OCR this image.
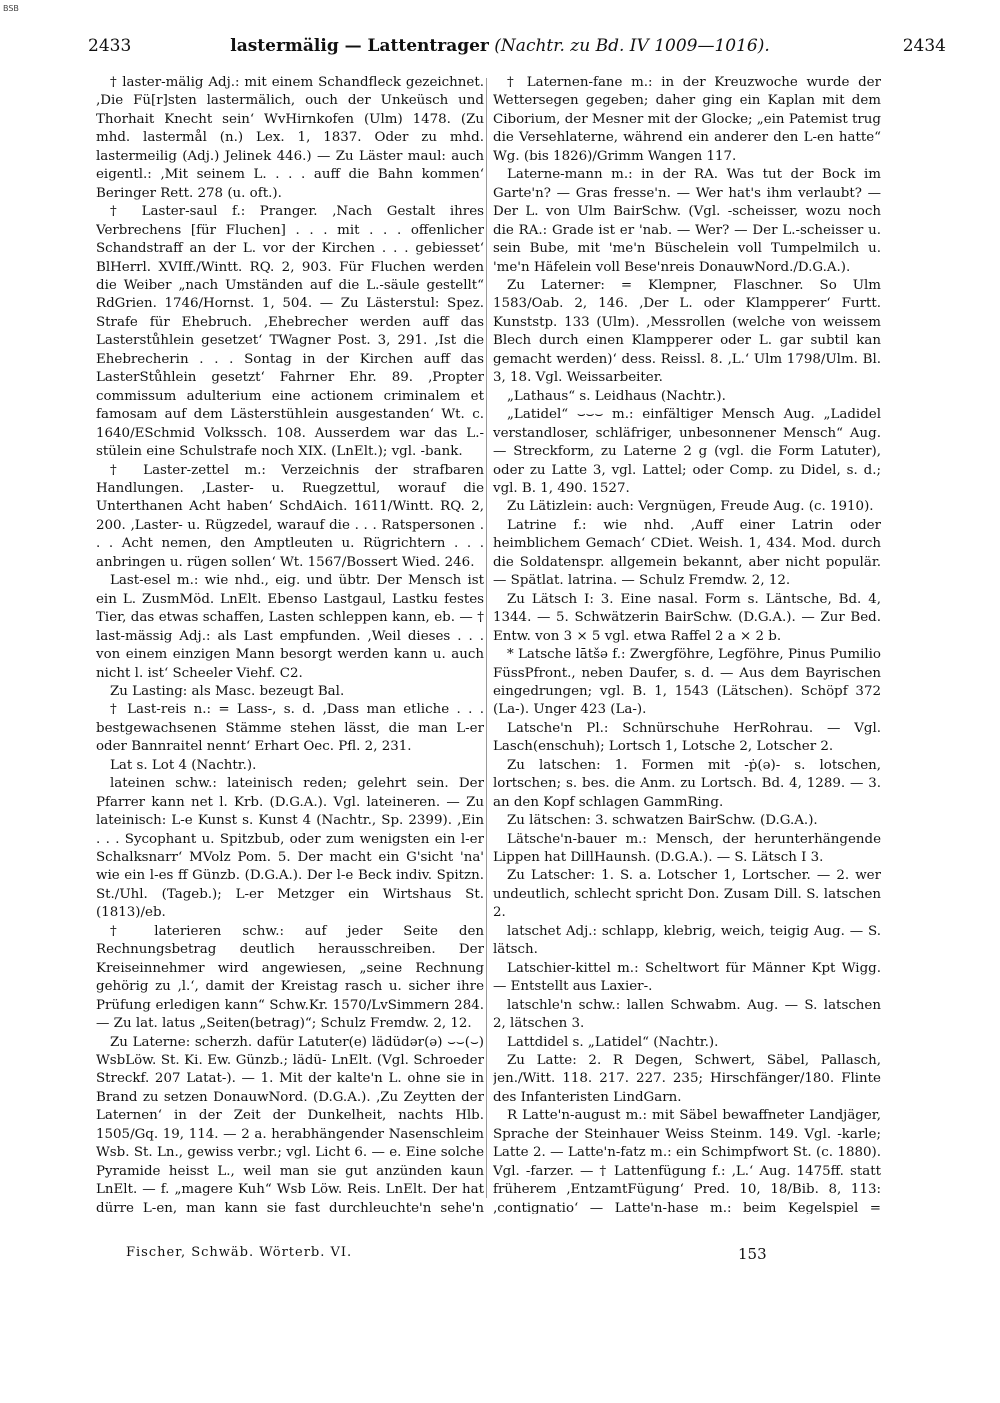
BSB
2433	lastermälig — Lattentrager (Nachtr. zu Bd. IV 1009—1016).	2434

† laster-mälig Adj.: mit einem Schandfleck gezeichnet. ‚Die Fü[r]sten lastermälich, ouch der Unkeüsch und Thorhait Knecht sein‘ WvHirnkofen (Ulm) 1478. (Zu mhd. lastermål (n.) Lex. 1, 1837. Oder zu mhd. lastermeilig (Adj.) Jelinek 446.) — Zu Läster maul: auch eigentl.: ‚Mit seinem L. . . . auff die Bahn kommen‘ Beringer Rett. 278 (u. oft.).

† Laster-saul f.: Pranger. ‚Nach Gestalt ihres Verbrechens [für Fluchen] . . . mit . . . offenlicher Schandstraff an der L. vor der Kirchen . . . gebiesset‘ BlHerrl. XVIff./Wintt. RQ. 2, 903. Für Fluchen werden die Weiber „nach Umständen auf die L.-säule gestellt“ RdGrien. 1746/Hornst. 1, 504. — Zu Lästerstul: Spez. Strafe für Ehebruch. ‚Ehebrecher werden auff das Lasterstůhlein gesetzet‘ TWagner Post. 3, 291. ‚Ist die Ehebrecherin . . . Sontag in der Kirchen auff das LasterStůhlein gesetzt‘ Fahrner Ehr. 89. ‚Propter commissum adulterium eine actionem criminalem et famosam auf dem Lästerstühlein ausgestanden‘ Wt. c. 1640/ESchmid Volkssch. 108. Ausserdem war das L.-stülein eine Schulstrafe noch XIX. (LnElt.); vgl. -bank.

† Laster-zettel m.: Verzeichnis der strafbaren Handlungen. ‚Laster- u. Ruegzettul, worauf die Unterthanen Acht haben‘ SchdAich. 1611/Wintt. RQ. 2, 200. ‚Laster- u. Rügzedel, warauf die . . . Ratspersonen . . . Acht nemen, den Amptleuten u. Rügrichtern . . . anbringen u. rügen sollen‘ Wt. 1567/Bossert Wied. 246.

Last-esel m.: wie nhd., eig. und übtr. Der Mensch ist ein L. ZusmMöd. LnElt. Ebenso Lastgaul, Lastku festes Tier, das etwas schaffen, Lasten schleppen kann, eb. — † last-mässig Adj.: als Last empfunden. ‚Weil dieses . . . von einem einzigen Mann besorgt werden kann u. auch nicht l. ist‘ Scheeler Viehf. C2.

Zu Lasting: als Masc. bezeugt Bal.

† Last-reis n.: = Lass-, s. d. ‚Dass man etliche . . . bestgewachsenen Stämme stehen lässt, die man L-er oder Bannraitel nennt‘ Erhart Oec. Pfl. 2, 231.

Lat s. Lot 4 (Nachtr.).

lateinen schw.: lateinisch reden; gelehrt sein. Der Pfarrer kann net l. Krb. (D.G.A.). Vgl. lateineren. — Zu lateinisch: L-e Kunst s. Kunst 4 (Nachtr., Sp. 2399). ‚Ein . . . Sycophant u. Spitzbub, oder zum wenigsten ein l-er Schalksnarr‘ MVolz Pom. 5. Der macht ein G'sicht 'na' wie ein l-es ff Günzb. (D.G.A.). Der l-e Beck indiv. Spitzn. St./Uhl. (Tageb.); L-er Metzger ein Wirtshaus St. (1813)/eb.

† laterieren schw.: auf jeder Seite den Rechnungsbetrag deutlich herausschreiben. Der Kreiseinnehmer wird angewiesen, „seine Rechnung gehörig zu ‚l.‘, damit der Kreistag rasch u. sicher ihre Prüfung erledigen kann“ Schw.Kr. 1570/LvSimmern 284. — Zu lat. latus „Seiten(betrag)“; Schulz Fremdw. 2, 12.

Zu Laterne: scherzh. dafür Latuter(e) lädüdər(ə) ⌣⌣(⌣) WsbLöw. St. Ki. Ew. Günzb.; lädü- LnElt. (Vgl. Schroeder Streckf. 207 Latat-). — 1. Mit der kalte'n L. ohne sie in Brand zu setzen DonauwNord. (D.G.A.). ‚Zu Zeytten der Laternen‘ in der Zeit der Dunkelheit, nachts Hlb. 1505/Gq. 19, 114. — 2 a. herabhängender Nasenschleim Wsb. St. Ln., gewiss verbr.; vgl. Licht 6. — e. Eine solche Pyramide heisst L., weil man sie gut anzünden kaun LnElt. — f. „magere Kuh“ Wsb Löw. Reis. LnElt. Der hat dürre L-en, man kann sie fast durchleuchte'n sehe'n

† Laternen-fane m.: in der Kreuzwoche wurde der Wettersegen gegeben; daher ging ein Kaplan mit dem Ciborium, der Mesner mit der Glocke; „ein Patemist trug die Versehlaterne, während ein anderer den L-en hatte“ Wg. (bis 1826)/Grimm Wangen 117.

Laterne-mann m.: in der RA. Was tut der Bock im Garte'n? — Gras fresse'n. — Wer hat's ihm verlaubt? — Der L. von Ulm BairSchw. (Vgl. -scheisser, wozu noch die RA.: Grade ist er 'nab. — Wer? — Der L.-scheisser u. sein Bube, mit 'me'n Büschelein voll Tumpelmilch u. 'me'n Häfelein voll Bese'nreis DonauwNord./D.G.A.).

Zu Laterner: = Klempner, Flaschner. So Ulm 1583/Oab. 2, 146. ‚Der L. oder Klampperer‘ Furtt. Kunststp. 133 (Ulm). ‚Messrollen (welche von weissem Blech durch einen Klampperer oder L. gar subtil kan gemacht werden)‘ dess. Reissl. 8. ‚L.‘ Ulm 1798/Ulm. Bl. 3, 18. Vgl. Weissarbeiter.

„Lathaus“ s. Leidhaus (Nachtr.).

„Latidel“ ⌣⌣⌣ m.: einfältiger Mensch Aug. „Ladidel verstandloser, schläfriger, unbesonnener Mensch“ Aug. — Streckform, zu Laterne 2 g (vgl. die Form Latuter), oder zu Latte 3, vgl. Lattel; oder Comp. zu Didel, s. d.; vgl. B. 1, 490. 1527.

Zu Lätizlein: auch: Vergnügen, Freude Aug. (c. 1910).

Latrine f.: wie nhd. ‚Auff einer Latrin oder heimblichem Gemach‘ CDiet. Weish. 1, 434. Mod. durch die Soldatenspr. allgemein bekannt, aber nicht populär. — Spätlat. latrina. — Schulz Fremdw. 2, 12.

Zu Lätsch I: 3. Eine nasal. Form s. Läntsche, Bd. 4, 1344. — 5. Schwätzerin BairSchw. (D.G.A.). — Zur Bed. Entw. von 3 × 5 vgl. etwa Raffel 2 a × 2 b.

* Latsche lātšə f.: Zwergföhre, Legföhre, Pinus Pumilio FüssPfront., neben Daufer, s. d. — Aus dem Bayrischen eingedrungen; vgl. B. 1, 1543 (Lätschen). Schöpf 372 (La-). Unger 423 (La-).

Latsche'n Pl.: Schnürschuhe HerRohrau. — Vgl. Lasch(enschuh); Lortsch 1, Lotsche 2, Lotscher 2.

Zu latschen: 1. Formen mit -ṗ(ə)- s. lotschen, lortschen; s. bes. die Anm. zu Lortsch. Bd. 4, 1289. — 3. an den Kopf schlagen GammRing.

Zu lätschen: 3. schwatzen BairSchw. (D.G.A.).

Lätsche'n-bauer m.: Mensch, der herunterhängende Lippen hat DillHaunsh. (D.G.A.). — S. Lätsch I 3.

Zu Latscher: 1. S. a. Lotscher 1, Lortscher. — 2. wer undeutlich, schlecht spricht Don. Zusam Dill. S. latschen 2.

latschet Adj.: schlapp, klebrig, weich, teigig Aug. — S. lätsch.

Latschier-kittel m.: Scheltwort für Männer Kpt Wigg. — Entstellt aus Laxier-.

latschle'n schw.: lallen Schwabm. Aug. — S. latschen 2, lätschen 3.

Lattdidel s. „Latidel“ (Nachtr.).

Zu Latte: 2. R Degen, Schwert, Säbel, Pallasch, jen./Witt. 118. 217. 227. 235; Hirschfänger/180. Flinte des Infanteristen LindGarn.

R Latte'n-august m.: mit Säbel bewaffneter Landjäger, Sprache der Steinhauer Weiss Steinm. 149. Vgl. -karle; Latte 2. — Latte'n-fatz m.: ein Schimpfwort St. (c. 1880). Vgl. -farzer. — † Lattenfügung f.: ‚L.‘ Aug. 1475ff. statt früherem ‚EntzamtFügung‘ Pred. 10, 18/Bib. 8, 113: ‚contignatio‘ — Latte'n-hase m.: beim Kegelspiel =

Fischer, Schwäb. Wörterb. VI.	153
